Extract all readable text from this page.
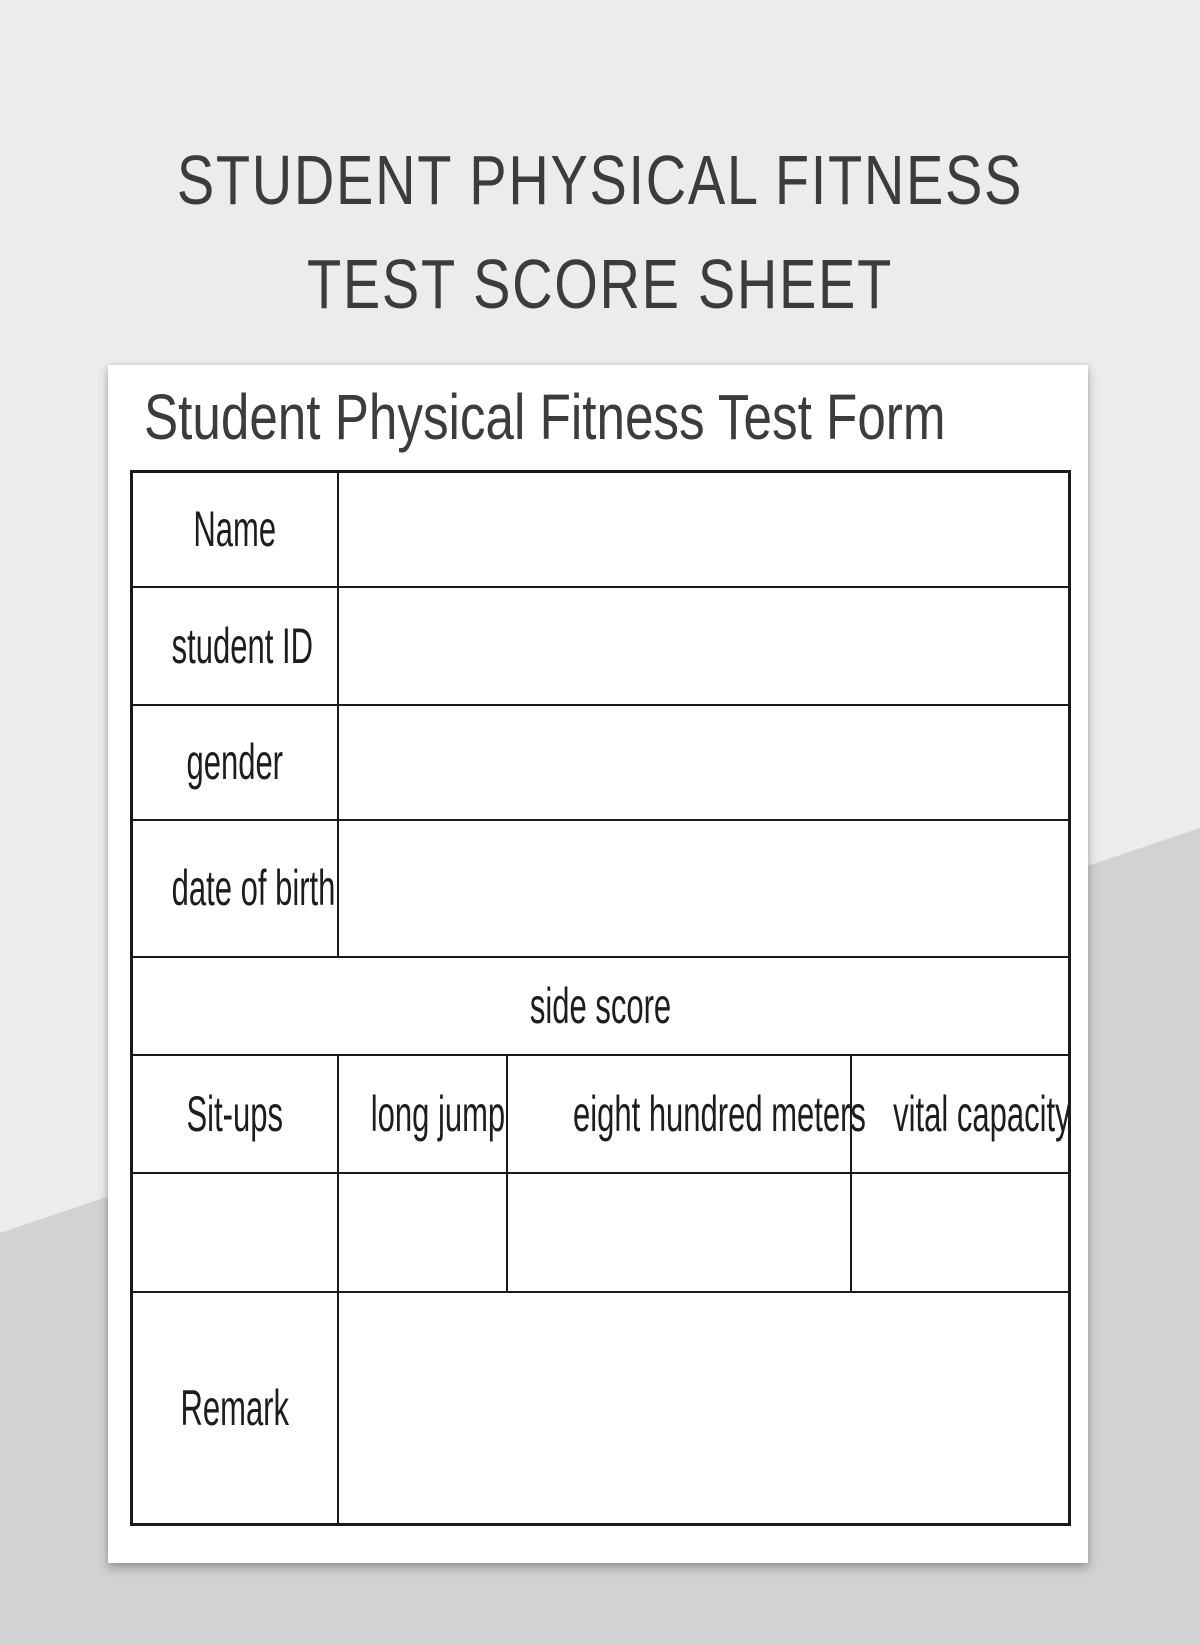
STUDENT PHYSICAL FITNESS
TEST SCORE SHEET
Student Physical Fitness Test Form
Name			

student ID			

gender			

date of birth			

side score			

Sit-ups	long jump	eight hundred meters	vital capacity

Remark			
